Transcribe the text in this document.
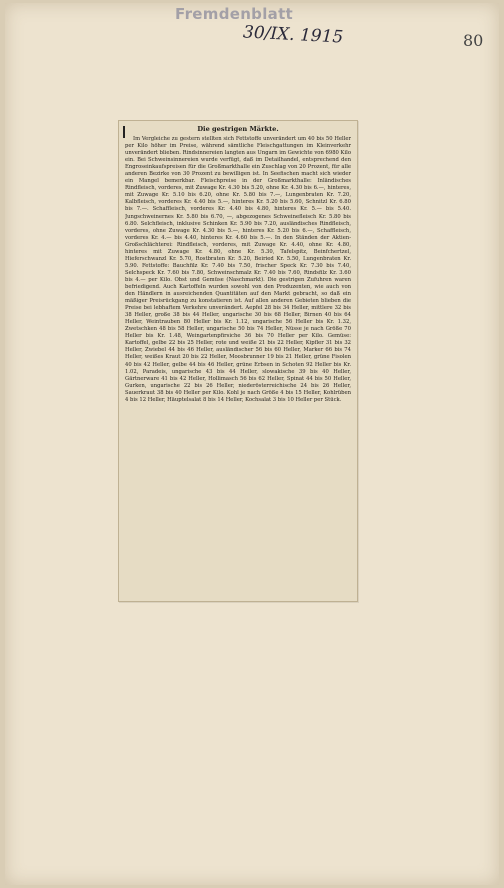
Fremdenblatt
30/IX. 1915	80
Die gestrigen Märkte.

Im Vergleiche zu gestern stellten sich Fettstoffe unverändert um 40 bis 50 Heller per Kilo höher im Preise, während sämtliche Fleischgattungen im Kleinverkehr unverändert blieben. Rindsinnereien langten aus Ungarn im Gewichte von 6980 Kilo ein. Bei Schweinsinnereien wurde verfügt, daß im Detailhandel, entsprechend den Engroseinkaufspreisen für die Großmarkthalle ein Zuschlag von 20 Prozent, für alle anderen Bezirke von 30 Prozent zu bewilligen ist. In Seefischen macht sich wieder ein Mangel bemerkbar. Fleischpreise in der Großmarkthalle: Inländisches Rindfleisch, vorderes, mit Zuwage Kr. 4.30 bis 5.20, ohne Kr. 4.30 bis 6.—, hinteres, mit Zuwage Kr. 5.10 bis 6.20, ohne Kr. 5.80 bis 7.—, Lungenbraten Kr. 7.20, Kalbfleisch, vorderes Kr. 4.40 bis 5.—, hinteres Kr. 5.20 bis 5.60, Schnitzl Kr. 6.80 bis 7.—. Schaffleisch, vorderes Kr. 4.40 bis 4.80, hinteres Kr. 5.— bis 5.40. Jungschweinernes Kr. 5.80 bis 6.70, —, abgezogenes Schweinefleisch Kr. 5.80 bis 6.80. Selchfleisch, inklusive Schinken Kr. 5.90 bis 7.20, ausländisches Rindfleisch, vorderes, ohne Zuwage Kr. 4.30 bis 5.—, hinteres Kr. 5.20 bis 6.—, Schaffleisch, vorderes Kr. 4.— bis 4.40, hinteres Kr. 4.60 bis 5.—. In den Ständen der Aktien-Großschlächterei: Rindfleisch, vorderes, mit Zuwage Kr. 4.40, ohne Kr. 4.80, hinteres mit Zuwage Kr. 4.80, ohne Kr. 5.30, Tafelspitz, Beinfchertzel, Hieferschwanzl Kr. 5.70, Rostbraten Kr. 5.20, Beiried Kr. 5.50, Lungenbraten Kr. 5.90. Fettstoffe: Bauchfilz Kr. 7.40 bis 7.50, frischer Speck Kr. 7.30 bis 7.40, Selchspeck Kr. 7.60 bis 7.80, Schweinschmalz Kr. 7.40 bis 7.60, Rindsfilz Kr. 3.60 bis 4.— per Kilo. Obst und Gemüse (Naschmarkt). Die gestrigen Zufuhren waren befriedigend. Auch Kartoffeln wurden sowohl von den Produzenten, wie auch von den Händlern in ausreichenden Quantitäten auf den Markt gebracht, so daß ein mäßiger Preisrückgang zu konstatieren ist. Auf allen anderen Gebieten blieben die Preise bei lebhaftem Verkehre unverändert. Aepfel 28 bis 34 Heller, mittlere 32 bis 38 Heller, große 38 bis 44 Heller, ungarische 30 bis 68 Heller, Birnen 40 bis 64 Heller, Weintrauben 80 Heller bis Kr. 1.12, ungarische 56 Heller bis Kr. 1.32, Zwetschken 48 bis 58 Heller, ungarische 50 bis 74 Heller, Nüsse je nach Größe 70 Heller bis Kr. 1.48, Weingartenpfirsiche 36 bis 70 Heller per Kilo. Gemüse: Kartoffel, gelbe 22 bis 25 Heller, rote und weiße 21 bis 22 Heller, Kipfler 31 bis 32 Heller, Zwiebel 44 bis 46 Heller, ausländischer 56 bis 60 Heller, Marker 66 bis 74 Heller, weißes Kraut 20 bis 22 Heller, Moosbrunner 19 bis 21 Heller, grüne Fisolen 40 bis 42 Heller, gelbe 44 bis 46 Heller, grüne Erbsen in Schoten 92 Heller bis Kr. 1.02, Paradeis, ungarische 43 bis 44 Heller, slowakische 39 bis 40 Heller, Gärtnerware 41 bis 42 Heller, Hollimasch 56 bis 62 Heller, Spinat 44 bis 50 Heller, Gurken, ungarische 22 bis 26 Heller, niederösterreichische 24 bis 26 Heller, Sauerkraut 38 bis 40 Heller per Kilo. Kohl je nach Größe 4 bis 15 Heller, Kohlrüben 4 bis 12 Heller, Häuptelsalat 8 bis 14 Heller, Kochsalat 3 bis 10 Heller per Stück.
